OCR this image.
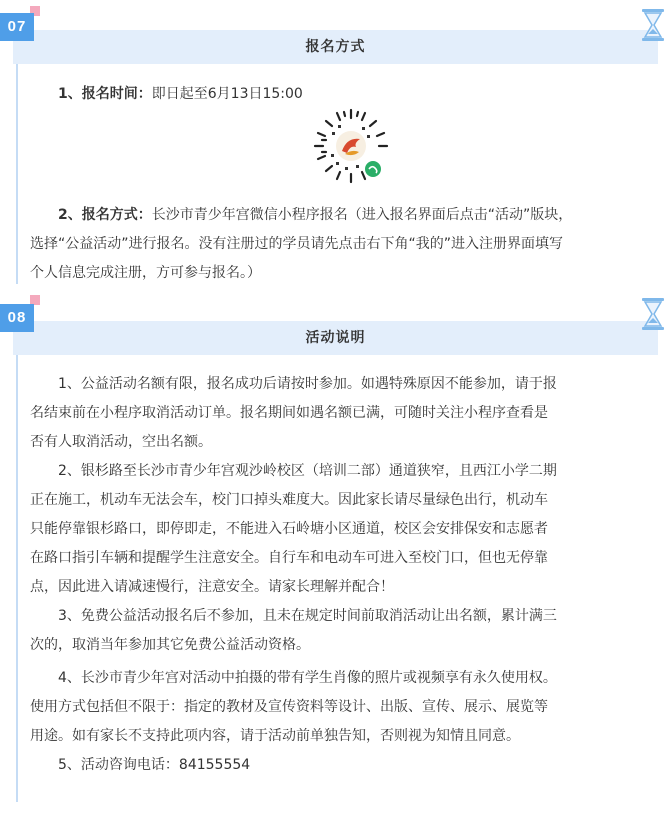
报名方式
07
1、报名时间：即日起至6月13日15:00
2、报名方式：长沙市青少年宫微信小程序报名（进入报名界面后点击“活动”版块，
选择“公益活动”进行报名。没有注册过的学员请先点击右下角“我的”进入注册界面填写
个人信息完成注册，方可参与报名。）
活动说明
08
1、公益活动名额有限，报名成功后请按时参加。如遇特殊原因不能参加，请于报
名结束前在小程序取消活动订单。报名期间如遇名额已满，可随时关注小程序查看是
否有人取消活动，空出名额。
2、银杉路至长沙市青少年宫观沙岭校区（培训二部）通道狭窄，且西江小学二期
正在施工，机动车无法会车，校门口掉头难度大。因此家长请尽量绿色出行，机动车
只能停靠银杉路口，即停即走，不能进入石岭塘小区通道，校区会安排保安和志愿者
在路口指引车辆和提醒学生注意安全。自行车和电动车可进入至校门口，但也无停靠
点，因此进入请减速慢行，注意安全。请家长理解并配合！
3、免费公益活动报名后不参加，且未在规定时间前取消活动让出名额，累计满三
次的，取消当年参加其它免费公益活动资格。
4、长沙市青少年宫对活动中拍摄的带有学生肖像的照片或视频享有永久使用权。
使用方式包括但不限于：指定的教材及宣传资料等设计、出版、宣传、展示、展览等
用途。如有家长不支持此项内容，请于活动前单独告知，否则视为知情且同意。
5、活动咨询电话：84155554
